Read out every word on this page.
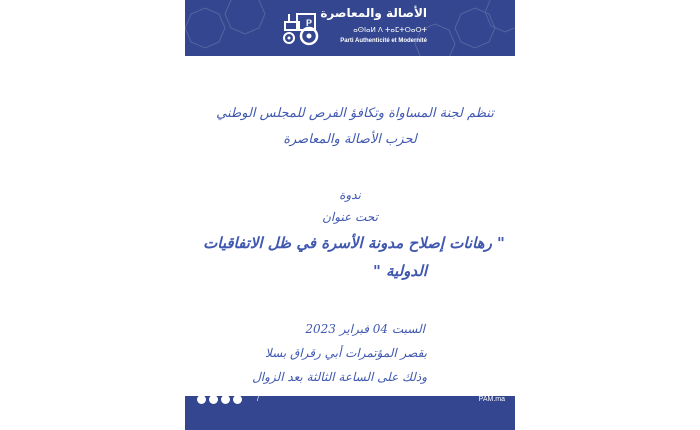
P
الأصالة والمعاصرة
ⴰⵙⵏⴰⵍ ⴷ ⵜⴰⵎⵜⵔⴰⵔⵜ
Parti Authenticité et Modernité
تنظم لجنة المساواة وتكافؤ الفرص للمجلس الوطني
لحزب الأصالة والمعاصرة
ندوة
تحت عنوان
" رهانات إصلاح مدونة الأسرة في ظل الاتفاقيات
الدولية "
السبت 04 فبراير 2023
بقصر المؤتمرات أبي رقراق بسلا
وذلك على الساعة الثالثة بعد الزوال
/	PAM.ma
